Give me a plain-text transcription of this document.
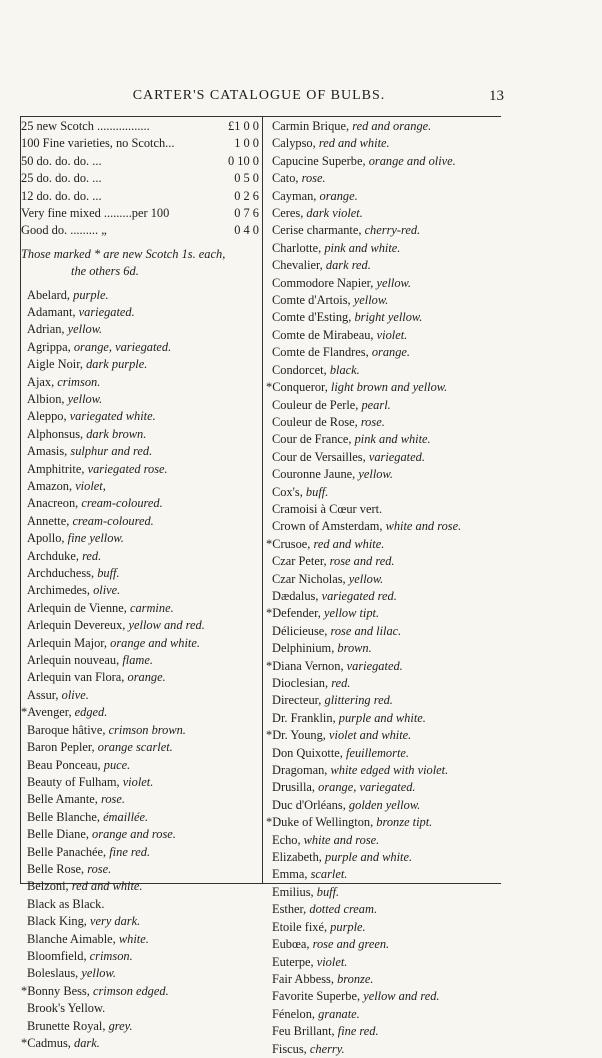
CARTER'S CATALOGUE OF BULBS.	13
25 new Scotch .................	£1 0 0
100 Fine varieties, no Scotch...	1 0 0
50 do. do. do. ...	0 10 0
25 do. do. do. ...	0 5 0
12 do. do. do. ...	0 2 6
Very fine mixed .........per 100	0 7 6
Good do. ......... „	0 4 0
Those marked * are new Scotch 1s. each,
the others 6d.
Abelard, purple.
Adamant, variegated.
Adrian, yellow.
Agrippa, orange, variegated.
Aigle Noir, dark purple.
Ajax, crimson.
Albion, yellow.
Aleppo, variegated white.
Alphonsus, dark brown.
Amasis, sulphur and red.
Amphitrite, variegated rose.
Amazon, violet,
Anacreon, cream-coloured.
Annette, cream-coloured.
Apollo, fine yellow.
Archduke, red.
Archduchess, buff.
Archimedes, olive.
Arlequin de Vienne, carmine.
Arlequin Devereux, yellow and red.
Arlequin Major, orange and white.
Arlequin nouveau, flame.
Arlequin van Flora, orange.
Assur, olive.
*Avenger, edged.
Baroque hâtive, crimson brown.
Baron Pepler, orange scarlet.
Beau Ponceau, puce.
Beauty of Fulham, violet.
Belle Amante, rose.
Belle Blanche, émaillée.
Belle Diane, orange and rose.
Belle Panachée, fine red.
Belle Rose, rose.
Belzoni, red and white.
Black as Black.
Black King, very dark.
Blanche Aimable, white.
Bloomfield, crimson.
Boleslaus, yellow.
*Bonny Bess, crimson edged.
Brook's Yellow.
Brunette Royal, grey.
*Cadmus, dark.
Carmin Brique, red and orange.
Calypso, red and white.
Capucine Superbe, orange and olive.
Cato, rose.
Cayman, orange.
Ceres, dark violet.
Cerise charmante, cherry-red.
Charlotte, pink and white.
Chevalier, dark red.
Commodore Napier, yellow.
Comte d'Artois, yellow.
Comte d'Esting, bright yellow.
Comte de Mirabeau, violet.
Comte de Flandres, orange.
Condorcet, black.
*Conqueror, light brown and yellow.
Couleur de Perle, pearl.
Couleur de Rose, rose.
Cour de France, pink and white.
Cour de Versailles, variegated.
Couronne Jaune, yellow.
Cox's, buff.
Cramoisi à Cœur vert.
Crown of Amsterdam, white and rose.
*Crusoe, red and white.
Czar Peter, rose and red.
Czar Nicholas, yellow.
Dædalus, variegated red.
*Defender, yellow tipt.
Délicieuse, rose and lilac.
Delphinium, brown.
*Diana Vernon, variegated.
Dioclesian, red.
Directeur, glittering red.
Dr. Franklin, purple and white.
*Dr. Young, violet and white.
Don Quixotte, feuillemorte.
Dragoman, white edged with violet.
Drusilla, orange, variegated.
Duc d'Orléans, golden yellow.
*Duke of Wellington, bronze tipt.
Echo, white and rose.
Elizabeth, purple and white.
Emma, scarlet.
Emilius, buff.
Esther, dotted cream.
Etoile fixé, purple.
Eubœa, rose and green.
Euterpe, violet.
Fair Abbess, bronze.
Favorite Superbe, yellow and red.
Fénelon, granate.
Feu Brillant, fine red.
Fiscus, cherry.
